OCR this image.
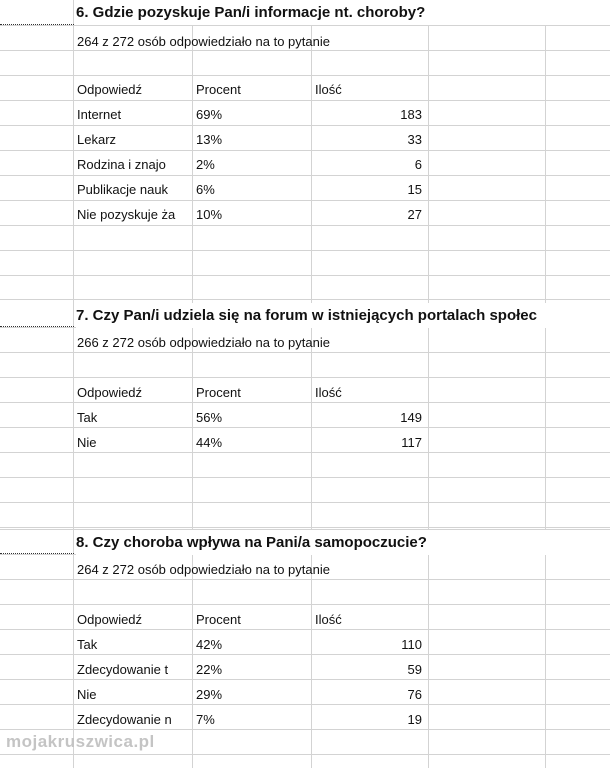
6. Gdzie pozyskuje Pan/i informacje nt. choroby?
264 z 272 osób odpowiedziało na to pytanie
Odpowiedź	Procent	Ilość
Internet	69%	183
Lekarz	13%	33
Rodzina i znajo	2%	6
Publikacje nauk	6%	15
Nie pozyskuje ża	10%	27
7. Czy Pan/i udziela się na forum w istniejących portalach społec
266 z 272 osób odpowiedziało na to pytanie
Odpowiedź	Procent	Ilość
Tak	56%	149
Nie	44%	117
8. Czy choroba wpływa na Pani/a samopoczucie?
264 z 272 osób odpowiedziało na to pytanie
Odpowiedź	Procent	Ilość
Tak	42%	110
Zdecydowanie t	22%	59
Nie	29%	76
Zdecydowanie n	7%	19
mojakruszwica.pl
